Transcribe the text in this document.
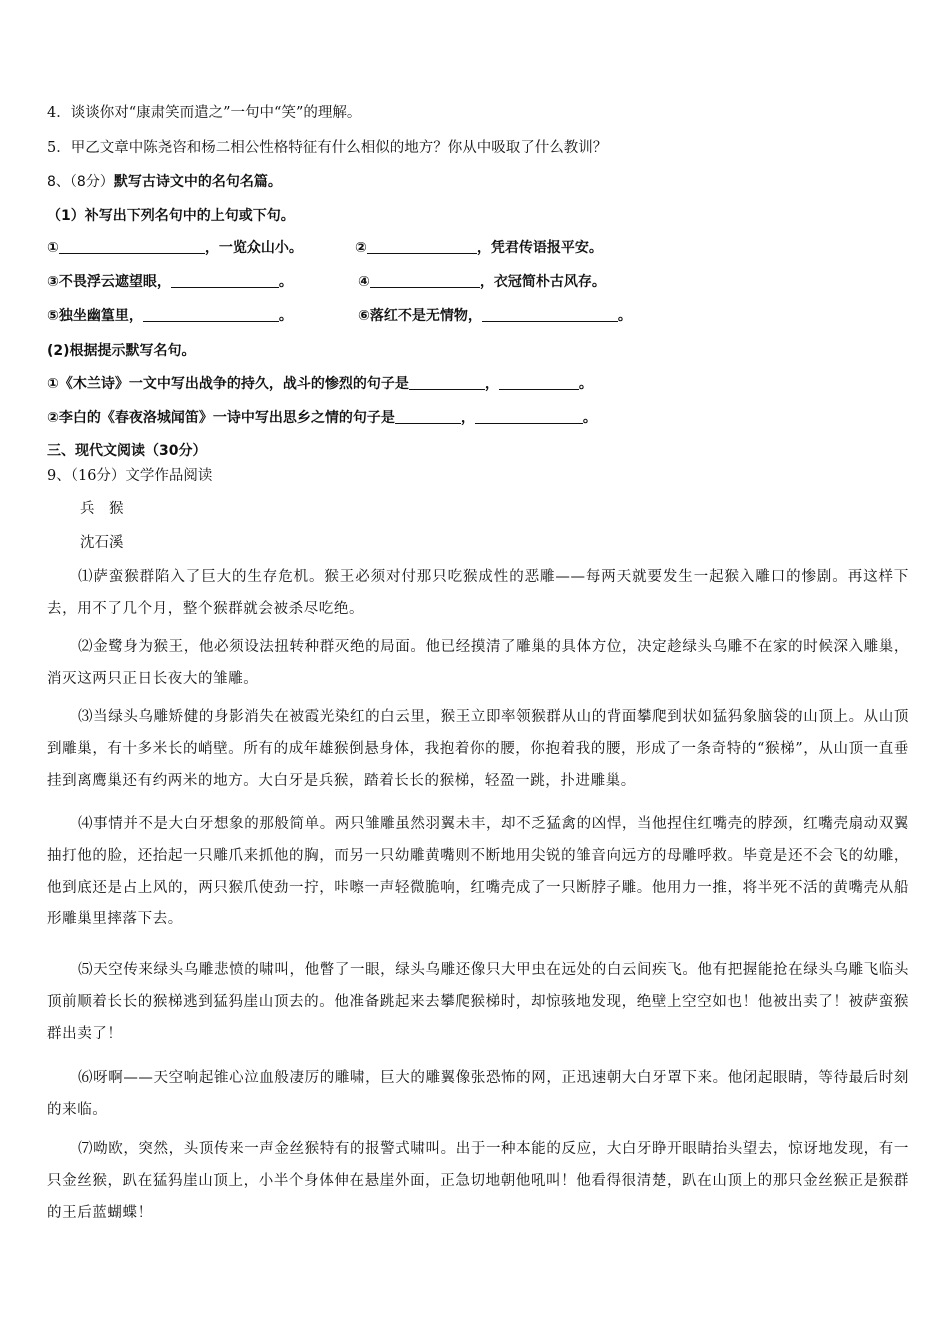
4．谈谈你对“康肃笑而遣之”一句中“笑”的理解。
5．甲乙文章中陈尧咨和杨二相公性格特征有什么相似的地方？你从中吸取了什么教训？
8、（8分）默写古诗文中的名句名篇。
（1）补写出下列名句中的上句或下句。
①	，一览众山小。	②	，凭君传语报平安。
③不畏浮云遮望眼，	。	④	，衣冠简朴古风存。
⑤独坐幽篁里，	。	⑥落红不是无情物，	。
(2)根据提示默写名句。
①《木兰诗》一文中写出战争的持久，战斗的惨烈的句子是	，	。
②李白的《春夜洛城闻笛》一诗中写出思乡之情的句子是	，	。
三、现代文阅读（30分）
9、（16分）文学作品阅读
兵　猴
沈石溪
⑴萨蛮猴群陷入了巨大的生存危机。猴王必须对付那只吃猴成性的恶雕——每两天就要发生一起猴入雕口的惨剧。再这样下去，用不了几个月，整个猴群就会被杀尽吃绝。
⑵金鹭身为猴王，他必须设法扭转种群灭绝的局面。他已经摸清了雕巢的具体方位，决定趁绿头乌雕不在家的时候深入雕巢，消灭这两只正日长夜大的雏雕。
⑶当绿头乌雕矫健的身影消失在被霞光染红的白云里，猴王立即率领猴群从山的背面攀爬到状如猛犸象脑袋的山顶上。从山顶到雕巢，有十多米长的峭壁。所有的成年雄猴倒悬身体，我抱着你的腰，你抱着我的腰，形成了一条奇特的“猴梯”，从山顶一直垂挂到离鹰巢还有约两米的地方。大白牙是兵猴，踏着长长的猴梯，轻盈一跳，扑进雕巢。
⑷事情并不是大白牙想象的那般简单。两只雏雕虽然羽翼未丰，却不乏猛禽的凶悍，当他捏住红嘴壳的脖颈，红嘴壳扇动双翼抽打他的脸，还抬起一只雕爪来抓他的胸，而另一只幼雕黄嘴则不断地用尖锐的雏音向远方的母雕呼救。毕竟是还不会飞的幼雕，他到底还是占上风的，两只猴爪使劲一拧，咔嚓一声轻微脆响，红嘴壳成了一只断脖子雕。他用力一推，将半死不活的黄嘴壳从船形雕巢里摔落下去。
⑸天空传来绿头乌雕悲愤的啸叫，他瞥了一眼，绿头乌雕还像只大甲虫在远处的白云间疾飞。他有把握能抢在绿头乌雕飞临头顶前顺着长长的猴梯逃到猛犸崖山顶去的。他准备跳起来去攀爬猴梯时，却惊骇地发现，绝壁上空空如也！他被出卖了！被萨蛮猴群出卖了！
⑹呀啊——天空响起锥心泣血般凄厉的雕啸，巨大的雕翼像张恐怖的网，正迅速朝大白牙罩下来。他闭起眼睛，等待最后时刻的来临。
⑺呦欧，突然，头顶传来一声金丝猴特有的报警式啸叫。出于一种本能的反应，大白牙睁开眼睛抬头望去，惊讶地发现，有一只金丝猴，趴在猛犸崖山顶上，小半个身体伸在悬崖外面，正急切地朝他吼叫！他看得很清楚，趴在山顶上的那只金丝猴正是猴群的王后蓝蝴蝶！
